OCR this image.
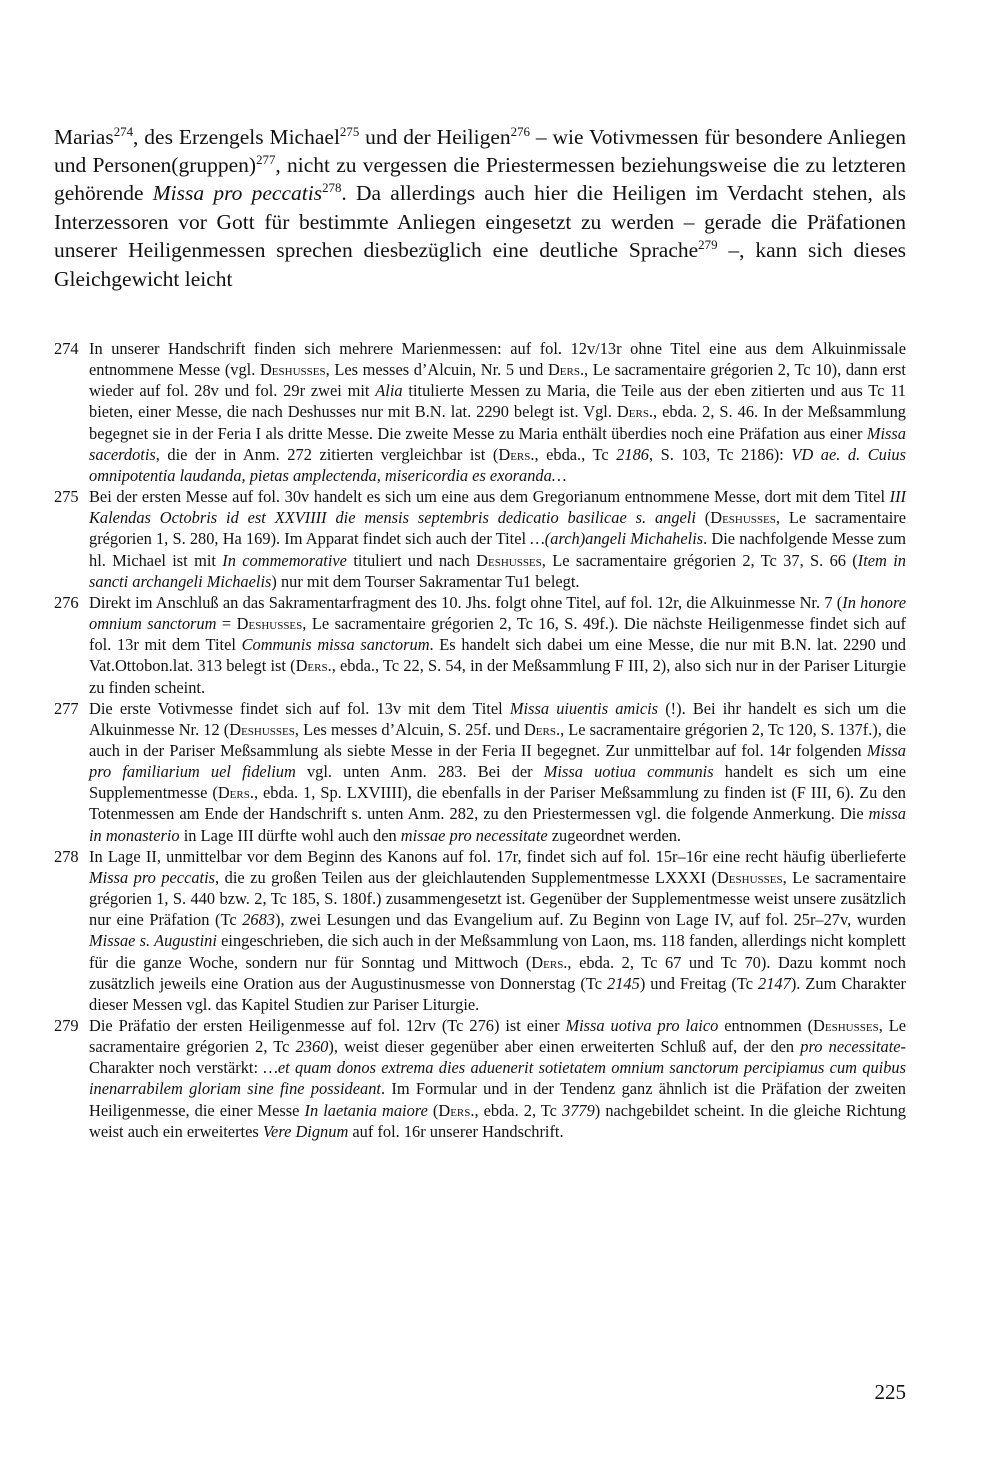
Marias$^{274}$, des Erzengels Michael$^{275}$ und der Heiligen$^{276}$ – wie Votivmessen für besondere Anliegen und Personen(gruppen)$^{277}$, nicht zu vergessen die Priestermessen beziehungsweise die zu letzteren gehörende Missa pro peccatis$^{278}$. Da allerdings auch hier die Heiligen im Verdacht stehen, als Interzessoren vor Gott für bestimmte Anliegen eingesetzt zu werden – gerade die Präfationen unserer Heiligenmessen sprechen diesbezüglich eine deutliche Sprache$^{279}$ –, kann sich dieses Gleichgewicht leicht

274 In unserer Handschrift finden sich mehrere Marienmessen: auf fol. 12v/13r ohne Titel eine aus dem Alkuinmissale entnommene Messe (vgl. Deshusses, Les messes d’Alcuin, Nr. 5 und Ders., Le sacramentaire grégorien 2, Tc 10), dann erst wieder auf fol. 28v und fol. 29r zwei mit Alia titulierte Messen zu Maria, die Teile aus der eben zitierten und aus Tc 11 bieten, einer Messe, die nach Deshusses nur mit B.N. lat. 2290 belegt ist. Vgl. Ders., ebda. 2, S. 46. In der Meßsammlung begegnet sie in der Feria I als dritte Messe. Die zweite Messe zu Maria enthält überdies noch eine Präfation aus einer Missa sacerdotis, die der in Anm. 272 zitierten vergleichbar ist (Ders., ebda., Tc 2186, S. 103, Tc 2186): VD ae. d. Cuius omnipotentia laudanda, pietas amplectenda, misericordia es exoranda…
275 Bei der ersten Messe auf fol. 30v handelt es sich um eine aus dem Gregorianum entnommene Messe, dort mit dem Titel III Kalendas Octobris id est XXVIIII die mensis septembris dedicatio basilicae s. angeli (Deshusses, Le sacramentaire grégorien 1, S. 280, Ha 169). Im Apparat findet sich auch der Titel …(arch)angeli Michahelis. Die nachfolgende Messe zum hl. Michael ist mit In commemorative tituliert und nach Deshusses, Le sacramentaire grégorien 2, Tc 37, S. 66 (Item in sancti archangeli Michaelis) nur mit dem Tourser Sakramentar Tu1 belegt.
276 Direkt im Anschluß an das Sakramentarfragment des 10. Jhs. folgt ohne Titel, auf fol. 12r, die Alkuinmesse Nr. 7 (In honore omnium sanctorum = Deshusses, Le sacramentaire grégorien 2, Tc 16, S. 49f.). Die nächste Heiligenmesse findet sich auf fol. 13r mit dem Titel Communis missa sanctorum. Es handelt sich dabei um eine Messe, die nur mit B.N. lat. 2290 und Vat.Ottobon.lat. 313 belegt ist (Ders., ebda., Tc 22, S. 54, in der Meßsammlung F III, 2), also sich nur in der Pariser Liturgie zu finden scheint.
277 Die erste Votivmesse findet sich auf fol. 13v mit dem Titel Missa uiuentis amicis (!). Bei ihr handelt es sich um die Alkuinmesse Nr. 12 (Deshusses, Les messes d’Alcuin, S. 25f. und Ders., Le sacramentaire grégorien 2, Tc 120, S. 137f.), die auch in der Pariser Meßsammlung als siebte Messe in der Feria II begegnet. Zur unmittelbar auf fol. 14r folgenden Missa pro familiarium uel fidelium vgl. unten Anm. 283. Bei der Missa uotiua communis handelt es sich um eine Supplementmesse (Ders., ebda. 1, Sp. LXVIIII), die ebenfalls in der Pariser Meßsammlung zu finden ist (F III, 6). Zu den Totenmessen am Ende der Handschrift s. unten Anm. 282, zu den Priestermessen vgl. die folgende Anmerkung. Die missa in monasterio in Lage III dürfte wohl auch den missae pro necessitate zugeordnet werden.
278 In Lage II, unmittelbar vor dem Beginn des Kanons auf fol. 17r, findet sich auf fol. 15r–16r eine recht häufig überlieferte Missa pro peccatis, die zu großen Teilen aus der gleichlautenden Supplementmesse LXXXI (Deshusses, Le sacramentaire grégorien 1, S. 440 bzw. 2, Tc 185, S. 180f.) zusammengesetzt ist. Gegenüber der Supplementmesse weist unsere zusätzlich nur eine Präfation (Tc 2683), zwei Lesungen und das Evangelium auf. Zu Beginn von Lage IV, auf fol. 25r–27v, wurden Missae s. Augustini eingeschrieben, die sich auch in der Meßsammlung von Laon, ms. 118 fanden, allerdings nicht komplett für die ganze Woche, sondern nur für Sonntag und Mittwoch (Ders., ebda. 2, Tc 67 und Tc 70). Dazu kommt noch zusätzlich jeweils eine Oration aus der Augustinusmesse von Donnerstag (Tc 2145) und Freitag (Tc 2147). Zum Charakter dieser Messen vgl. das Kapitel Studien zur Pariser Liturgie.
279 Die Präfatio der ersten Heiligenmesse auf fol. 12rv (Tc 276) ist einer Missa uotiva pro laico entnommen (Deshusses, Le sacramentaire grégorien 2, Tc 2360), weist dieser gegenüber aber einen erweiterten Schluß auf, der den pro necessitate-Charakter noch verstärkt: …et quam donos extrema dies aduenerit sotietatem omnium sanctorum percipiamus cum quibus inenarrabilem gloriam sine fine possideant. Im Formular und in der Tendenz ganz ähnlich ist die Präfation der zweiten Heiligenmesse, die einer Messe In laetania maiore (Ders., ebda. 2, Tc 3779) nachgebildet scheint. In die gleiche Richtung weist auch ein erweitertes Vere Dignum auf fol. 16r unserer Handschrift.
225
